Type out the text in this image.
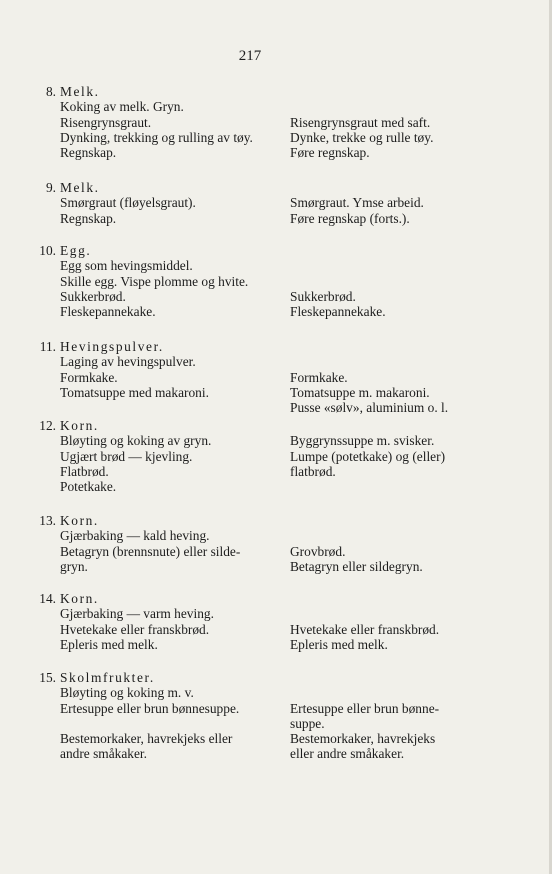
217
8. Melk.
Koking av melk. Gryn.
Risengrynsgraut.
Dynking, trekking og rulling av tøy.
Regnskap.
Risengrynsgraut med saft.
Dynke, trekke og rulle tøy.
Føre regnskap.
9. Melk.
Smørgraut (fløyelsgraut).
Regnskap.
Smørgraut. Ymse arbeid.
Føre regnskap (forts.).
10. Egg.
Egg som hevingsmiddel.
Skille egg. Vispe plomme og hvite.
Sukkerbrød.
Fleskepannekake.
Sukkerbrød.
Fleskepannekake.
11. Hevingspulver.
Laging av hevingspulver.
Formkake.
Tomatsuppe med makaroni.
Formkake.
Tomatsuppe m. makaroni.
Pusse «sølv», aluminium o. l.
12. Korn.
Bløyting og koking av gryn.
Ugjært brød — kjevling.
Flatbrød.
Potetkake.
Byggrynssuppe m. svisker.
Lumpe (potetkake) og (eller)
flatbrød.
13. Korn.
Gjærbaking — kald heving.
Betagryn (brennsnute) eller silde-
gryn.
Grovbrød.
Betagryn eller sildegryn.
14. Korn.
Gjærbaking — varm heving.
Hvetekake eller franskbrød.
Epleris med melk.
Hvetekake eller franskbrød.
Epleris med melk.
15. Skolmfrukter.
Bløyting og koking m. v.
Ertesuppe eller brun bønnesuppe.
Bestemorkaker, havrekjeks eller
andre småkaker.
Ertesuppe eller brun bønne-
suppe.
Bestemorkaker, havrekjeks
eller andre småkaker.
